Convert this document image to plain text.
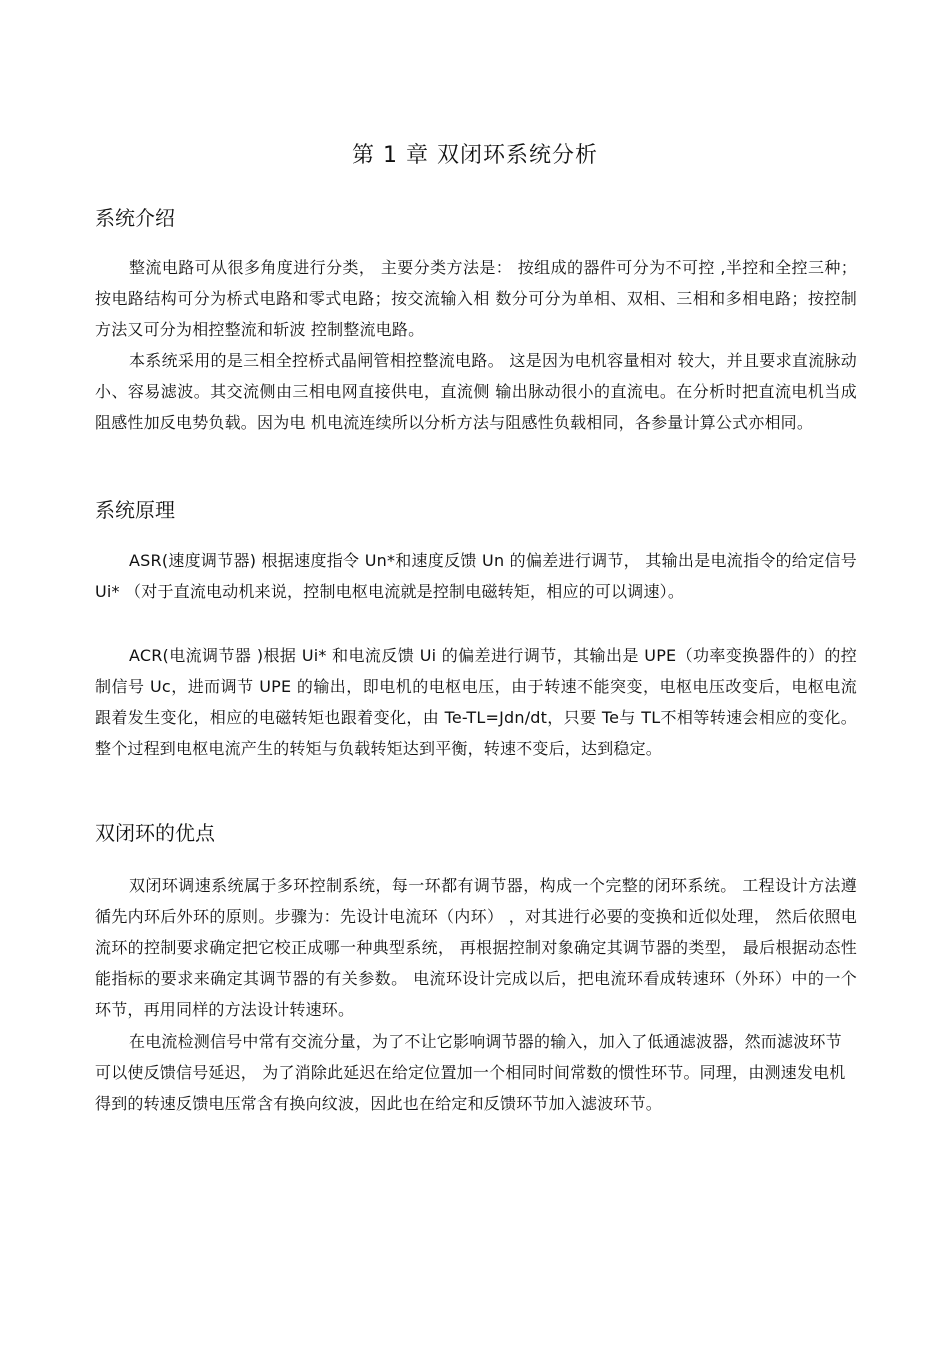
第 1 章 双闭环系统分析
系统介绍
整流电路可从很多角度进行分类， 主要分类方法是： 按组成的器件可分为不可控 ,半控和全控三种；按电路结构可分为桥式电路和零式电路；按交流输入相 数分可分为单相、双相、三相和多相电路；按控制方法又可分为相控整流和斩波 控制整流电路。
本系统采用的是三相全控桥式晶闸管相控整流电路。 这是因为电机容量相对 较大，并且要求直流脉动小、容易滤波。其交流侧由三相电网直接供电，直流侧 输出脉动很小的直流电。在分析时把直流电机当成阻感性加反电势负载。因为电 机电流连续所以分析方法与阻感性负载相同，各参量计算公式亦相同。
系统原理
ASR(速度调节器) 根据速度指令 Un*和速度反馈 Un 的偏差进行调节， 其输出是电流指令的给定信号 Ui* （对于直流电动机来说，控制电枢电流就是控制电磁转矩，相应的可以调速）。
ACR(电流调节器 )根据 Ui* 和电流反馈 Ui 的偏差进行调节，其输出是 UPE（功率变换器件的）的控制信号 Uc，进而调节 UPE 的输出，即电机的电枢电压，由于转速不能突变，电枢电压改变后，电枢电流跟着发生变化，相应的电磁转矩也跟着变化，由 Te-TL=Jdn/dt，只要 Te与 TL不相等转速会相应的变化。 整个过程到电枢电流产生的转矩与负载转矩达到平衡，转速不变后，达到稳定。
双闭环的优点
双闭环调速系统属于多环控制系统，每一环都有调节器，构成一个完整的闭环系统。 工程设计方法遵循先内环后外环的原则。步骤为：先设计电流环（内环） ，对其进行必要的变换和近似处理， 然后依照电流环的控制要求确定把它校正成哪一种典型系统， 再根据控制对象确定其调节器的类型， 最后根据动态性能指标的要求来确定其调节器的有关参数。 电流环设计完成以后，把电流环看成转速环（外环）中的一个环节，再用同样的方法设计转速环。
在电流检测信号中常有交流分量，为了不让它影响调节器的输入，加入了低通滤波器，然而滤波环节可以使反馈信号延迟， 为了消除此延迟在给定位置加一个相同时间常数的惯性环节。同理，由测速发电机得到的转速反馈电压常含有换向纹波，因此也在给定和反馈环节加入滤波环节。
